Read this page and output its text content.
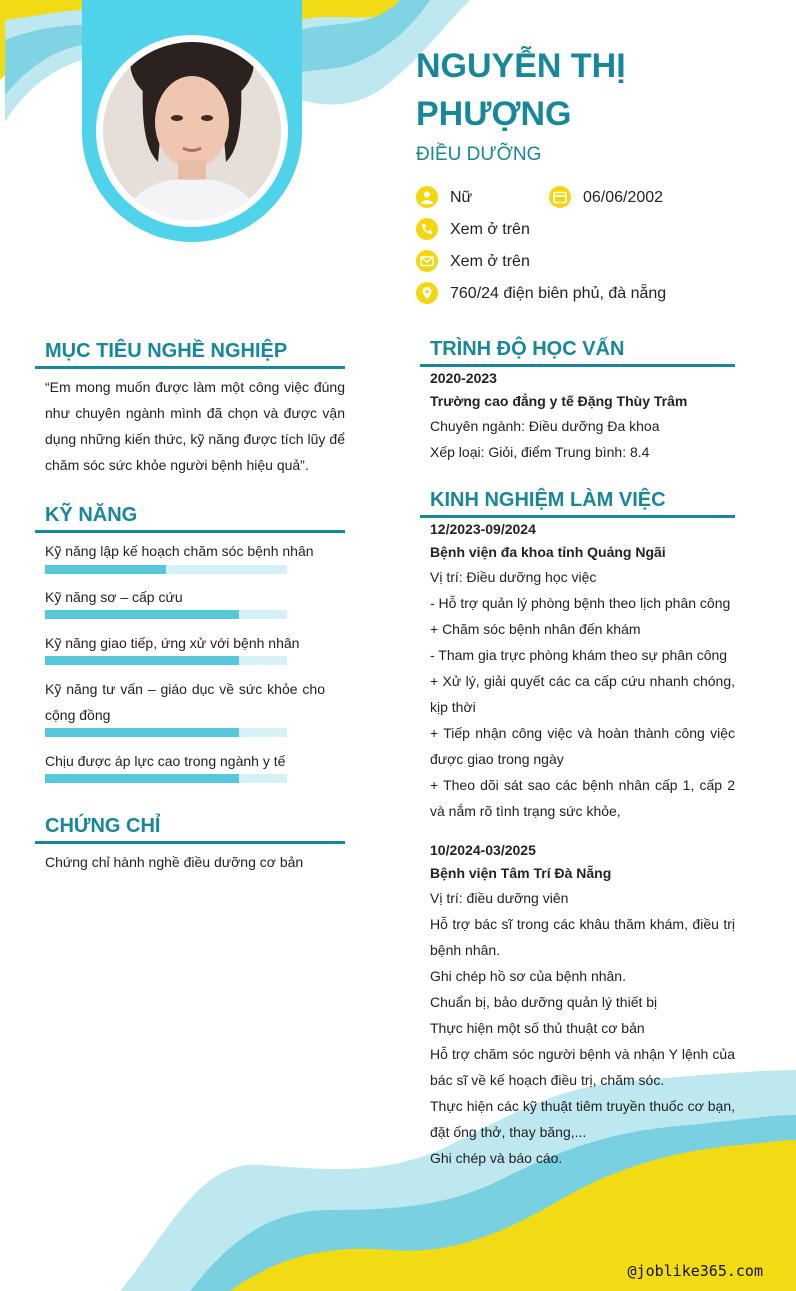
NGUYỄN THỊ PHƯỢNG
ĐIỀU DƯỠNG
Nữ	06/06/2002
Xem ở trên
Xem ở trên
760/24 điện biên phủ, đà nẵng
MỤC TIÊU NGHỀ NGHIỆP
“Em mong muốn được làm một công việc đúng như chuyên ngành mình đã chọn và được vận dụng những kiến thức, kỹ năng được tích lũy để chăm sóc sức khỏe người bệnh hiệu quả”.
KỸ NĂNG
Kỹ năng lập kế hoạch chăm sóc bệnh nhân
Kỹ năng sơ – cấp cứu
Kỹ năng giao tiếp, ứng xử với bệnh nhân
Kỹ năng tư vấn – giáo dục về sức khỏe cho cộng đồng
Chịu được áp lực cao trong ngành y tế
CHỨNG CHỈ
Chứng chỉ hành nghề điều dưỡng cơ bản
TRÌNH ĐỘ HỌC VẤN
2020-2023
Trường cao đẳng y tế Đặng Thùy Trâm
Chuyên ngành: Điều dưỡng Đa khoa
Xếp loại: Giỏi, điểm Trung bình: 8.4
KINH NGHIỆM LÀM VIỆC
12/2023-09/2024
Bệnh viện đa khoa tỉnh Quảng Ngãi
Vị trí: Điều dưỡng học việc
- Hỗ trợ quản lý phòng bệnh theo lịch phân công
+ Chăm sóc bệnh nhân đến khám
- Tham gia trực phòng khám theo sự phân công
+ Xử lý, giải quyết các ca cấp cứu nhanh chóng, kịp thời
+ Tiếp nhận công việc và hoàn thành công việc được giao trong ngày
+ Theo dõi sát sao các bệnh nhân cấp 1, cấp 2 và nắm rõ tình trạng sức khỏe,
10/2024-03/2025
Bệnh viện Tâm Trí Đà Nẵng
Vị trí: điều dưỡng viên
Hỗ trợ bác sĩ trong các khâu thăm khám, điều trị bệnh nhân.
Ghi chép hồ sơ của bệnh nhân.
Chuẩn bị, bảo dưỡng quản lý thiết bị
Thực hiện một số thủ thuật cơ bản
Hỗ trợ chăm sóc người bệnh và nhận Y lệnh của bác sĩ về kế hoạch điều trị, chăm sóc.
Thực hiện các kỹ thuật tiêm truyền thuốc cơ bạn, đặt ống thở, thay băng,...
Ghi chép và báo cáo.
@joblike365.com
